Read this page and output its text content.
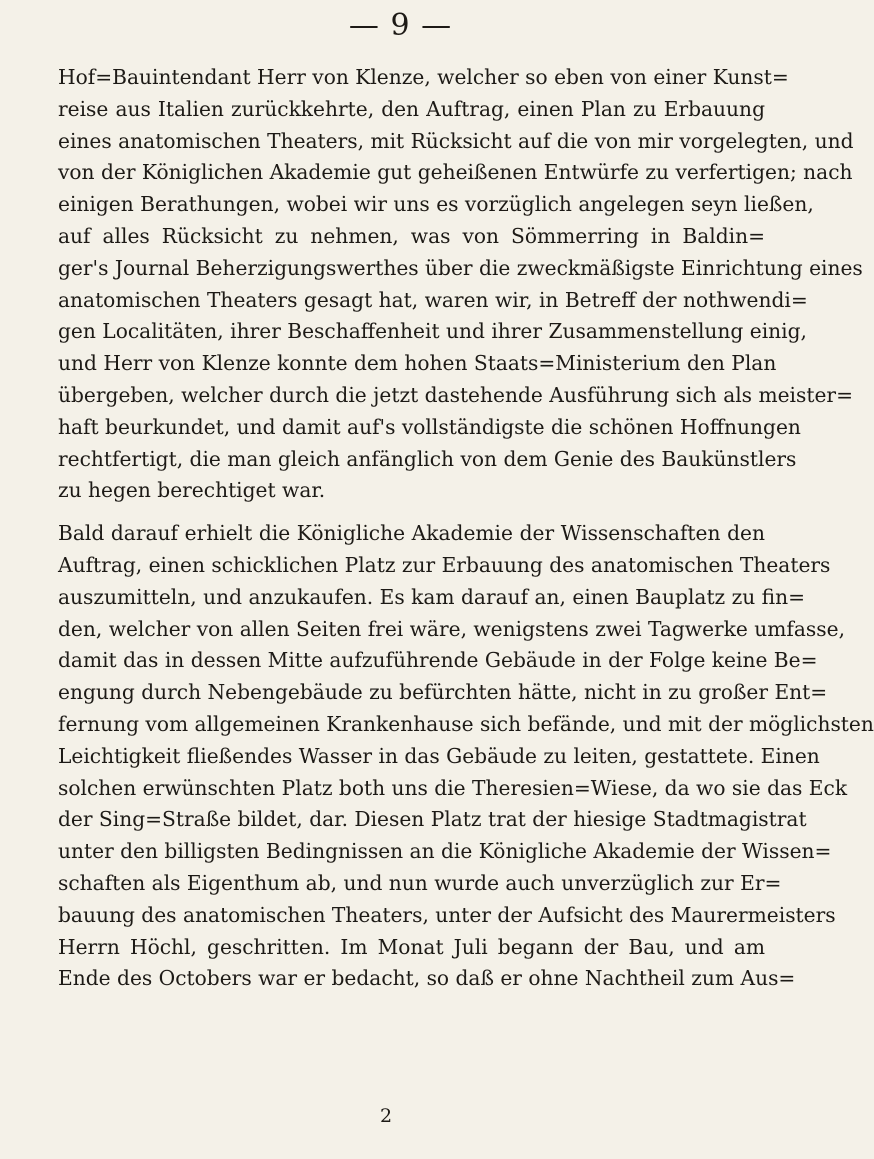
— 9 —

Hof=Bauintendant Herr von Klenze, welcher so eben von einer Kunst=
reise aus Italien zurückkehrte, den Auftrag, einen Plan zu Erbauung
eines anatomischen Theaters, mit Rücksicht auf die von mir vorgelegten, und
von der Königlichen Akademie gut geheißenen Entwürfe zu verfertigen; nach
einigen Berathungen, wobei wir uns es vorzüglich angelegen seyn ließen,
auf alles Rücksicht zu nehmen, was von Sömmerring in Baldin=
ger's Journal Beherzigungswerthes über die zweckmäßigste Einrichtung eines
anatomischen Theaters gesagt hat, waren wir, in Betreff der nothwendi=
gen Localitäten, ihrer Beschaffenheit und ihrer Zusammenstellung einig,
und Herr von Klenze konnte dem hohen Staats=Ministerium den Plan
übergeben, welcher durch die jetzt dastehende Ausführung sich als meister=
haft beurkundet, und damit auf's vollständigste die schönen Hoffnungen
rechtfertigt, die man gleich anfänglich von dem Genie des Baukünstlers
zu hegen berechtiget war.

Bald darauf erhielt die Königliche Akademie der Wissenschaften den
Auftrag, einen schicklichen Platz zur Erbauung des anatomischen Theaters
auszumitteln, und anzukaufen. Es kam darauf an, einen Bauplatz zu fin=
den, welcher von allen Seiten frei wäre, wenigstens zwei Tagwerke umfasse,
damit das in dessen Mitte aufzuführende Gebäude in der Folge keine Be=
engung durch Nebengebäude zu befürchten hätte, nicht in zu großer Ent=
fernung vom allgemeinen Krankenhause sich befände, und mit der möglichsten
Leichtigkeit fließendes Wasser in das Gebäude zu leiten, gestattete. Einen
solchen erwünschten Platz both uns die Theresien=Wiese, da wo sie das Eck
der Sing=Straße bildet, dar. Diesen Platz trat der hiesige Stadtmagistrat
unter den billigsten Bedingnissen an die Königliche Akademie der Wissen=
schaften als Eigenthum ab, und nun wurde auch unverzüglich zur Er=
bauung des anatomischen Theaters, unter der Aufsicht des Maurermeisters
Herrn Höchl, geschritten. Im Monat Juli begann der Bau, und am
Ende des Octobers war er bedacht, so daß er ohne Nachtheil zum Aus=

2
